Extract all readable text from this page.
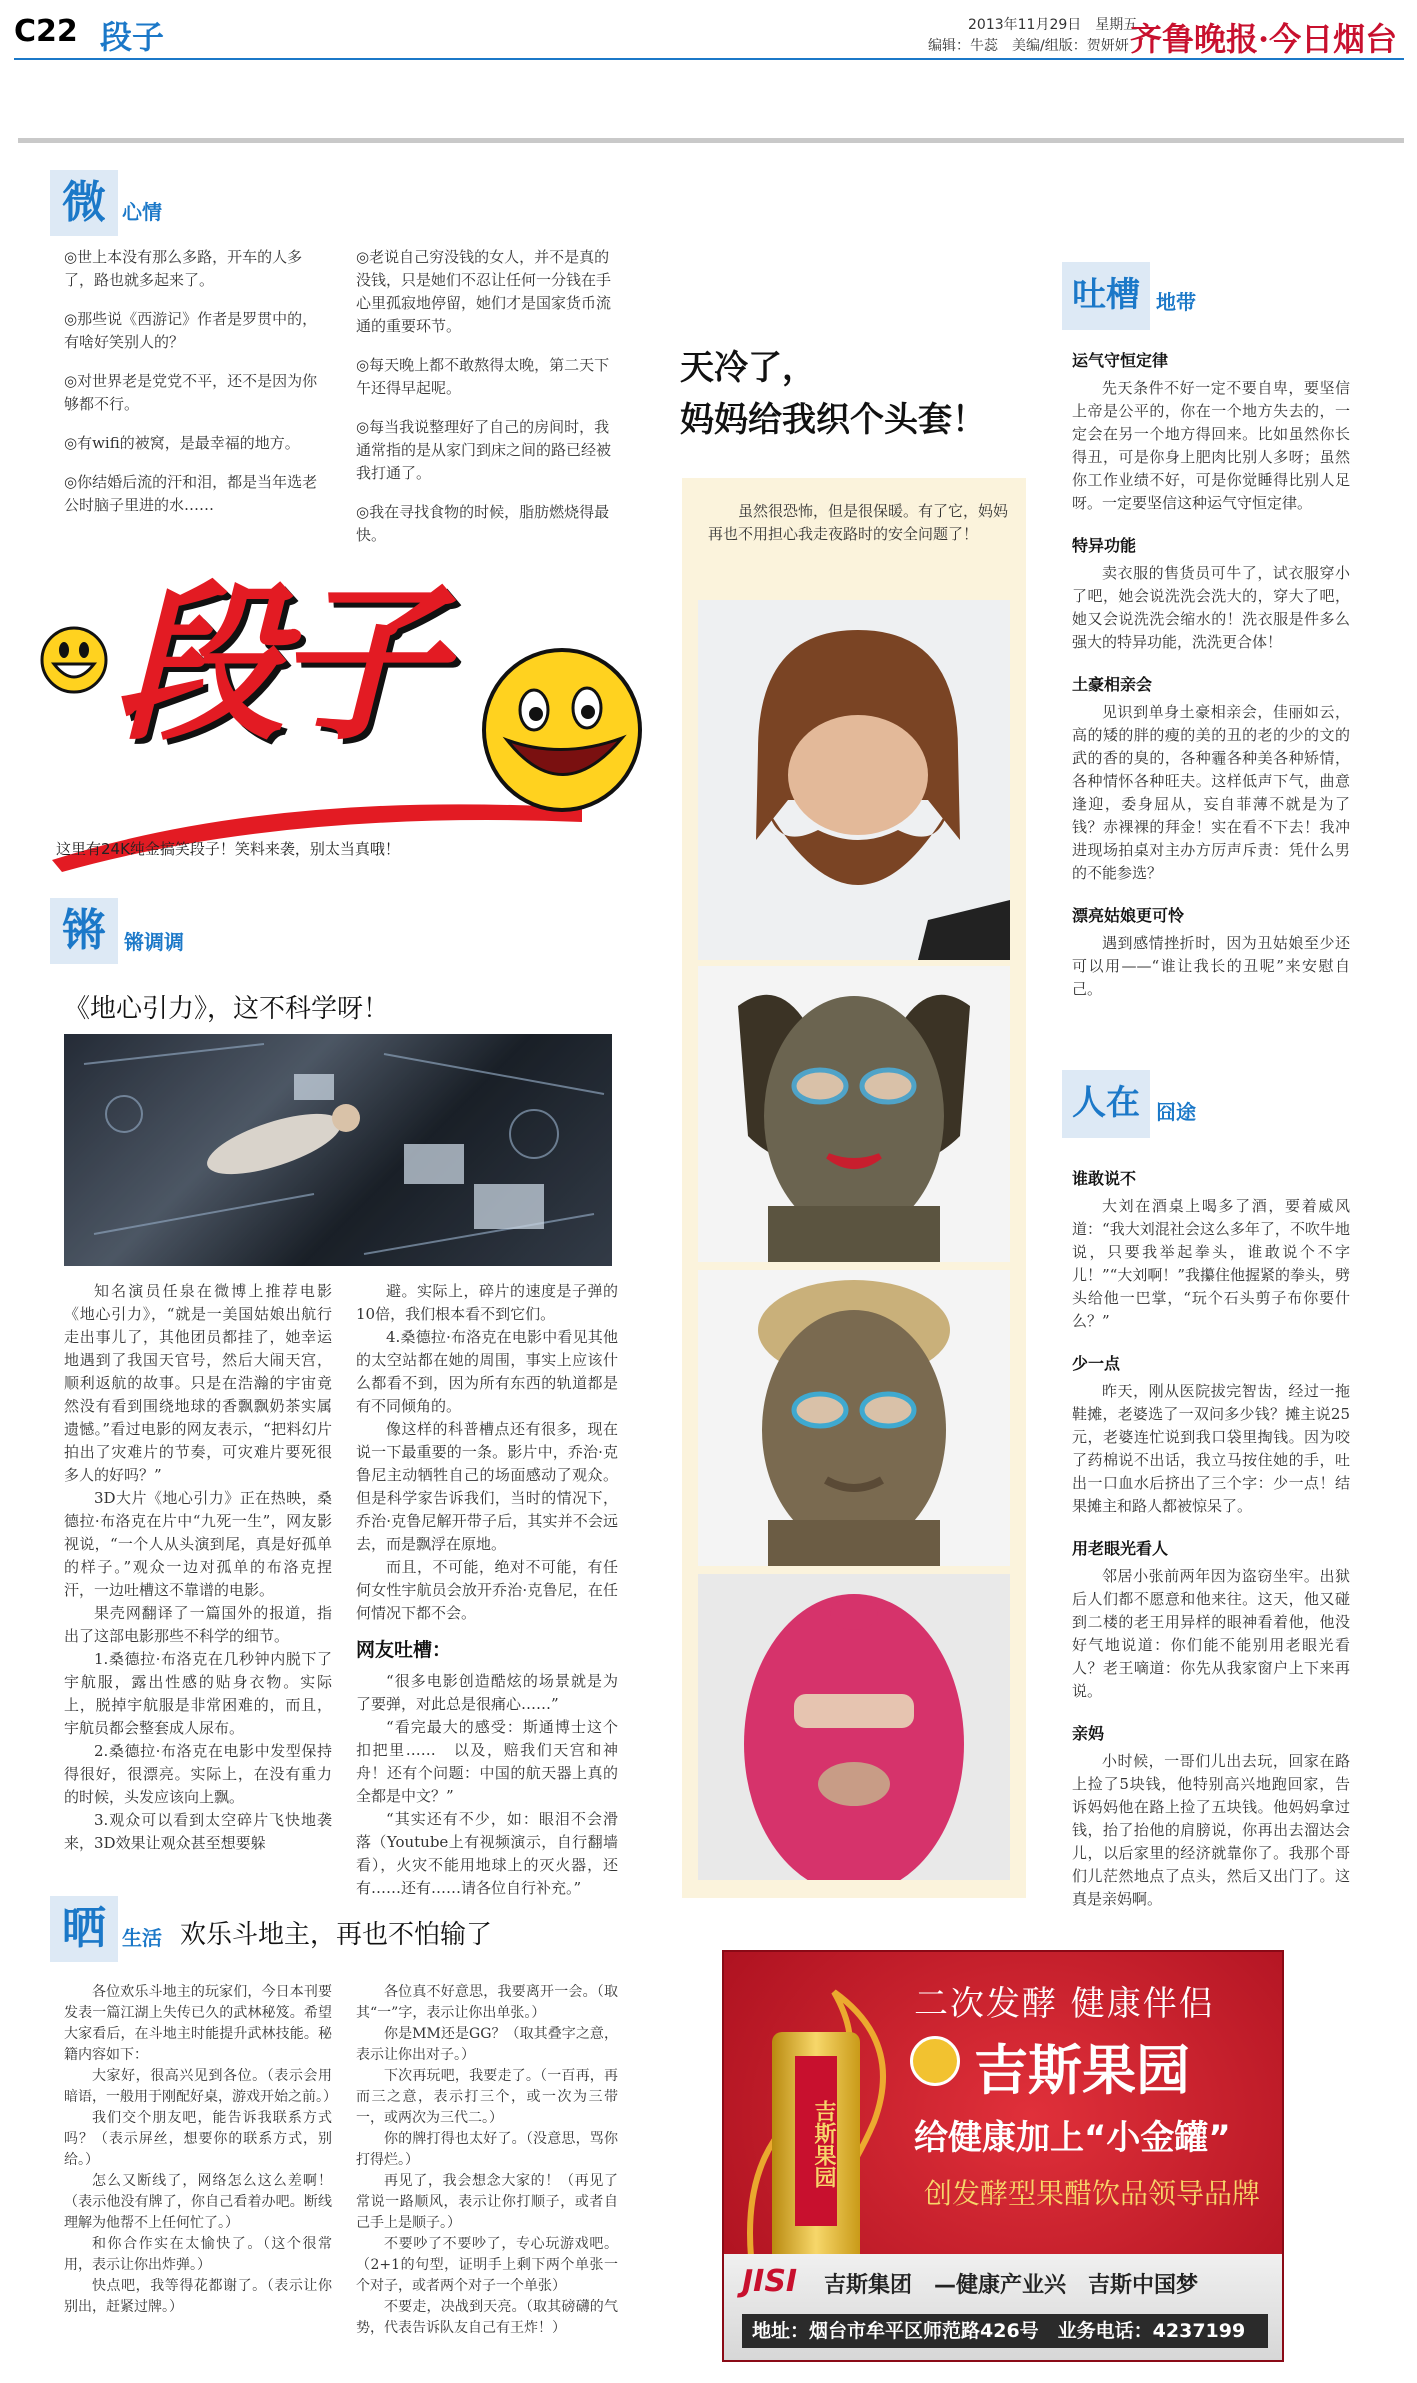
C22 段子	2013年11月29日　星期五
编辑：牛蕊　美编/组版：贺妍妍 齐鲁晚报·今日烟台
微 心情

◎世上本没有那么多路，开车的人多了，路也就多起来了。

◎那些说《西游记》作者是罗贯中的，有啥好笑别人的？

◎对世界老是党党不平，还不是因为你够都不行。

◎有wifi的被窝，是最幸福的地方。

◎你结婚后流的汗和泪，都是当年选老公时脑子里进的水……

◎老说自己穷没钱的女人，并不是真的没钱，只是她们不忍让任何一分钱在手心里孤寂地停留，她们才是国家货币流通的重要环节。

◎每天晚上都不敢熬得太晚，第二天下午还得早起呢。

◎每当我说整理好了自己的房间时，我通常指的是从家门到床之间的路已经被我打通了。

◎我在寻找食物的时候，脂肪燃烧得最快。

段子
这里有24K纯金搞笑段子！笑料来袭，别太当真哦！
锵 锵调调
《地心引力》，这不科学呀！

知名演员任泉在微博上推荐电影《地心引力》，“就是一美国姑娘出航行走出事儿了，其他团员都挂了，她幸运地遇到了我国天官号，然后大闹天宫，顺利返航的故事。只是在浩瀚的宇宙竟然没有看到围绕地球的香飘飘奶茶实属遗憾。”看过电影的网友表示，“把料幻片拍出了灾难片的节奏，可灾难片要死很多人的好吗？”

3D大片《地心引力》正在热映，桑德拉·布洛克在片中“九死一生”，网友影视说，“一个人从头演到尾，真是好孤单的样子。”观众一边对孤单的布洛克捏汗，一边吐槽这不靠谱的电影。

果壳网翻译了一篇国外的报道，指出了这部电影那些不科学的细节。

1.桑德拉·布洛克在几秒钟内脱下了宇航服，露出性感的贴身衣物。实际上，脱掉宇航服是非常困难的，而且，宇航员都会整套成人尿布。

2.桑德拉·布洛克在电影中发型保持得很好，很漂亮。实际上，在没有重力的时候，头发应该向上飘。

3.观众可以看到太空碎片飞快地袭来，3D效果让观众甚至想要躲

避。实际上，碎片的速度是子弹的10倍，我们根本看不到它们。

4.桑德拉·布洛克在电影中看见其他的太空站都在她的周围，事实上应该什么都看不到，因为所有东西的轨道都是有不同倾角的。

像这样的科普槽点还有很多，现在说一下最重要的一条。影片中，乔治·克鲁尼主动牺牲自己的场面感动了观众。但是科学家告诉我们，当时的情况下，乔治·克鲁尼解开带子后，其实并不会远去，而是飘浮在原地。

而且，不可能，绝对不可能，有任何女性宇航员会放开乔治·克鲁尼，在任何情况下都不会。

网友吐槽：

“很多电影创造酷炫的场景就是为了要弹，对此总是很痛心……”

“看完最大的感受：斯通博士这个扣把里……　以及，赔我们天宫和神舟！还有个问题：中国的航天器上真的全都是中文？”

“其实还有不少，如：眼泪不会滑落（Youtube上有视频演示，自行翻墙看），火灾不能用地球上的灭火器，还有……还有……请各位自行补充。”

天冷了，
妈妈给我织个头套！
虽然很恐怖，但是很保暖。有了它，妈妈再也不用担心我走夜路时的安全问题了！
吐槽 地带
运气守恒定律

先天条件不好一定不要自卑，要坚信上帝是公平的，你在一个地方失去的，一定会在另一个地方得回来。比如虽然你长得丑，可是你身上肥肉比别人多呀；虽然你工作业绩不好，可是你觉睡得比别人足呀。一定要坚信这种运气守恒定律。

特异功能

卖衣服的售货员可牛了，试衣服穿小了吧，她会说洗洗会洗大的，穿大了吧，她又会说洗洗会缩水的！洗衣服是件多么强大的特异功能，洗洗更合体！

土豪相亲会

见识到单身土豪相亲会，佳丽如云，高的矮的胖的瘦的美的丑的老的少的文的武的香的臭的，各种霾各种美各种矫情，各种情怀各种旺夫。这样低声下气，曲意逢迎，委身屈从，妄自菲薄不就是为了钱？赤裸裸的拜金！实在看不下去！我冲进现场拍桌对主办方厉声斥责：凭什么男的不能参选？

漂亮姑娘更可怜

遇到感情挫折时，因为丑姑娘至少还可以用——“谁让我长的丑呢”来安慰自己。

人在 囧途
谁敢说不

大刘在酒桌上喝多了酒，要着威风道：“我大刘混社会这么多年了，不吹牛地说，只要我举起拳头，谁敢说个不字儿！”“大刘啊！”我攥住他握紧的拳头，劈头给他一巴掌，“玩个石头剪子布你要什么？”

少一点

昨天，刚从医院拔完智齿，经过一拖鞋摊，老婆选了一双问多少钱？摊主说25元，老婆连忙说到我口袋里掏钱。因为咬了药棉说不出话，我立马按住她的手，吐出一口血水后挤出了三个字：少一点！结果摊主和路人都被惊呆了。

用老眼光看人

邻居小张前两年因为盗窃坐牢。出狱后人们都不愿意和他来往。这天，他又碰到二楼的老王用异样的眼神看着他，他没好气地说道：你们能不能别用老眼光看人？老王嘀道：你先从我家窗户上下来再说。

亲妈

小时候，一哥们儿出去玩，回家在路上捡了5块钱，他特别高兴地跑回家，告诉妈妈他在路上捡了五块钱。他妈妈拿过钱，抬了抬他的肩膀说，你再出去溜达会儿，以后家里的经济就靠你了。我那个哥们儿茫然地点了点头，然后又出门了。这真是亲妈啊。

晒 生活 欢乐斗地主，再也不怕输了

各位欢乐斗地主的玩家们，今日本刊要发表一篇江湖上失传已久的武林秘笈。希望大家看后，在斗地主时能提升武林技能。秘籍内容如下：

大家好，很高兴见到各位。（表示会用暗语，一般用于刚配好桌，游戏开始之前。）

我们交个朋友吧，能告诉我联系方式吗？（表示屏丝，想要你的联系方式，别给。）

怎么又断线了，网络怎么这么差啊！（表示他没有牌了，你自己看着办吧。断线理解为他帮不上任何忙了。）

和你合作实在太愉快了。（这个很常用，表示让你出炸弹。）

快点吧，我等得花都谢了。（表示让你别出，赶紧过牌。）

各位真不好意思，我要离开一会。（取其“一”字，表示让你出单张。）

你是MM还是GG？（取其叠字之意，表示让你出对子。）

下次再玩吧，我要走了。（一百再，再而三之意，表示打三个，或一次为三带一，或两次为三代二。）

你的牌打得也太好了。（没意思，骂你打得烂。）

再见了，我会想念大家的！（再见了常说一路顺风，表示让你打顺子，或者自己手上是顺子。）

不要吵了不要吵了，专心玩游戏吧。（2+1的句型，证明手上剩下两个单张一个对子，或者两个对子一个单张）

不要走，决战到天亮。（取其磅礴的气势，代表告诉队友自己有王炸！）

吉斯果园
二次发酵 健康伴侣
吉斯果园
给健康加上“小金罐”
创发酵型果醋饮品领导品牌
JISI 吉斯集团　—健康产业兴　吉斯中国梦
地址：烟台市牟平区师范路426号　业务电话：4237199
